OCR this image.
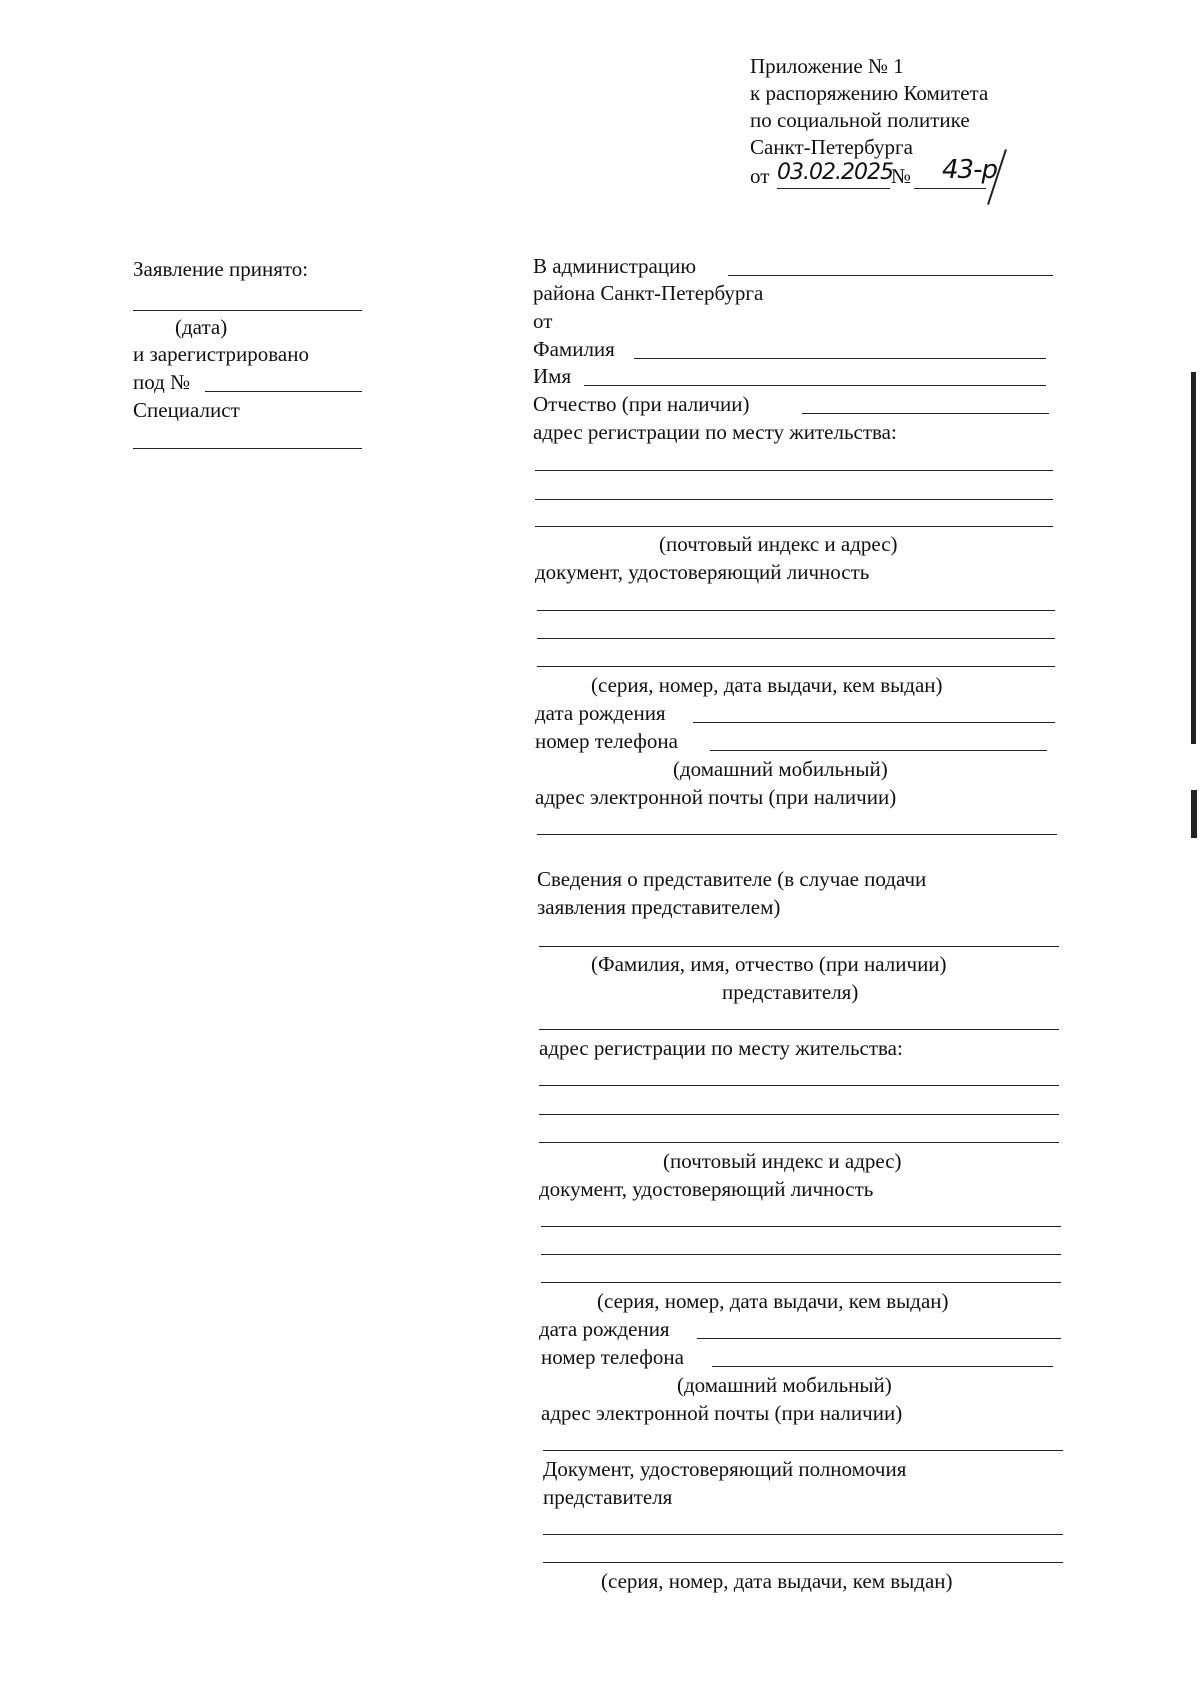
Приложение № 1
к распоряжению Комитета
по социальной политике
Санкт-Петербурга
от 03.02.2025
№ 43-р
Заявление принято:
(дата)
и зарегистрировано
под №
Специалист
В администрацию
района Санкт-Петербурга
от
Фамилия
Имя
Отчество (при наличии)
адрес регистрации по месту жительства:
(почтовый индекс и адрес)
документ, удостоверяющий личность
(серия, номер, дата выдачи, кем выдан)
дата рождения
номер телефона
(домашний мобильный)
адрес электронной почты (при наличии)
Сведения о представителе (в случае подачи
заявления представителем)
(Фамилия, имя, отчество (при наличии)
представителя)
адрес регистрации по месту жительства:
(почтовый индекс и адрес)
документ, удостоверяющий личность
(серия, номер, дата выдачи, кем выдан)
дата рождения
номер телефона
(домашний мобильный)
адрес электронной почты (при наличии)
Документ, удостоверяющий полномочия
представителя
(серия, номер, дата выдачи, кем выдан)
